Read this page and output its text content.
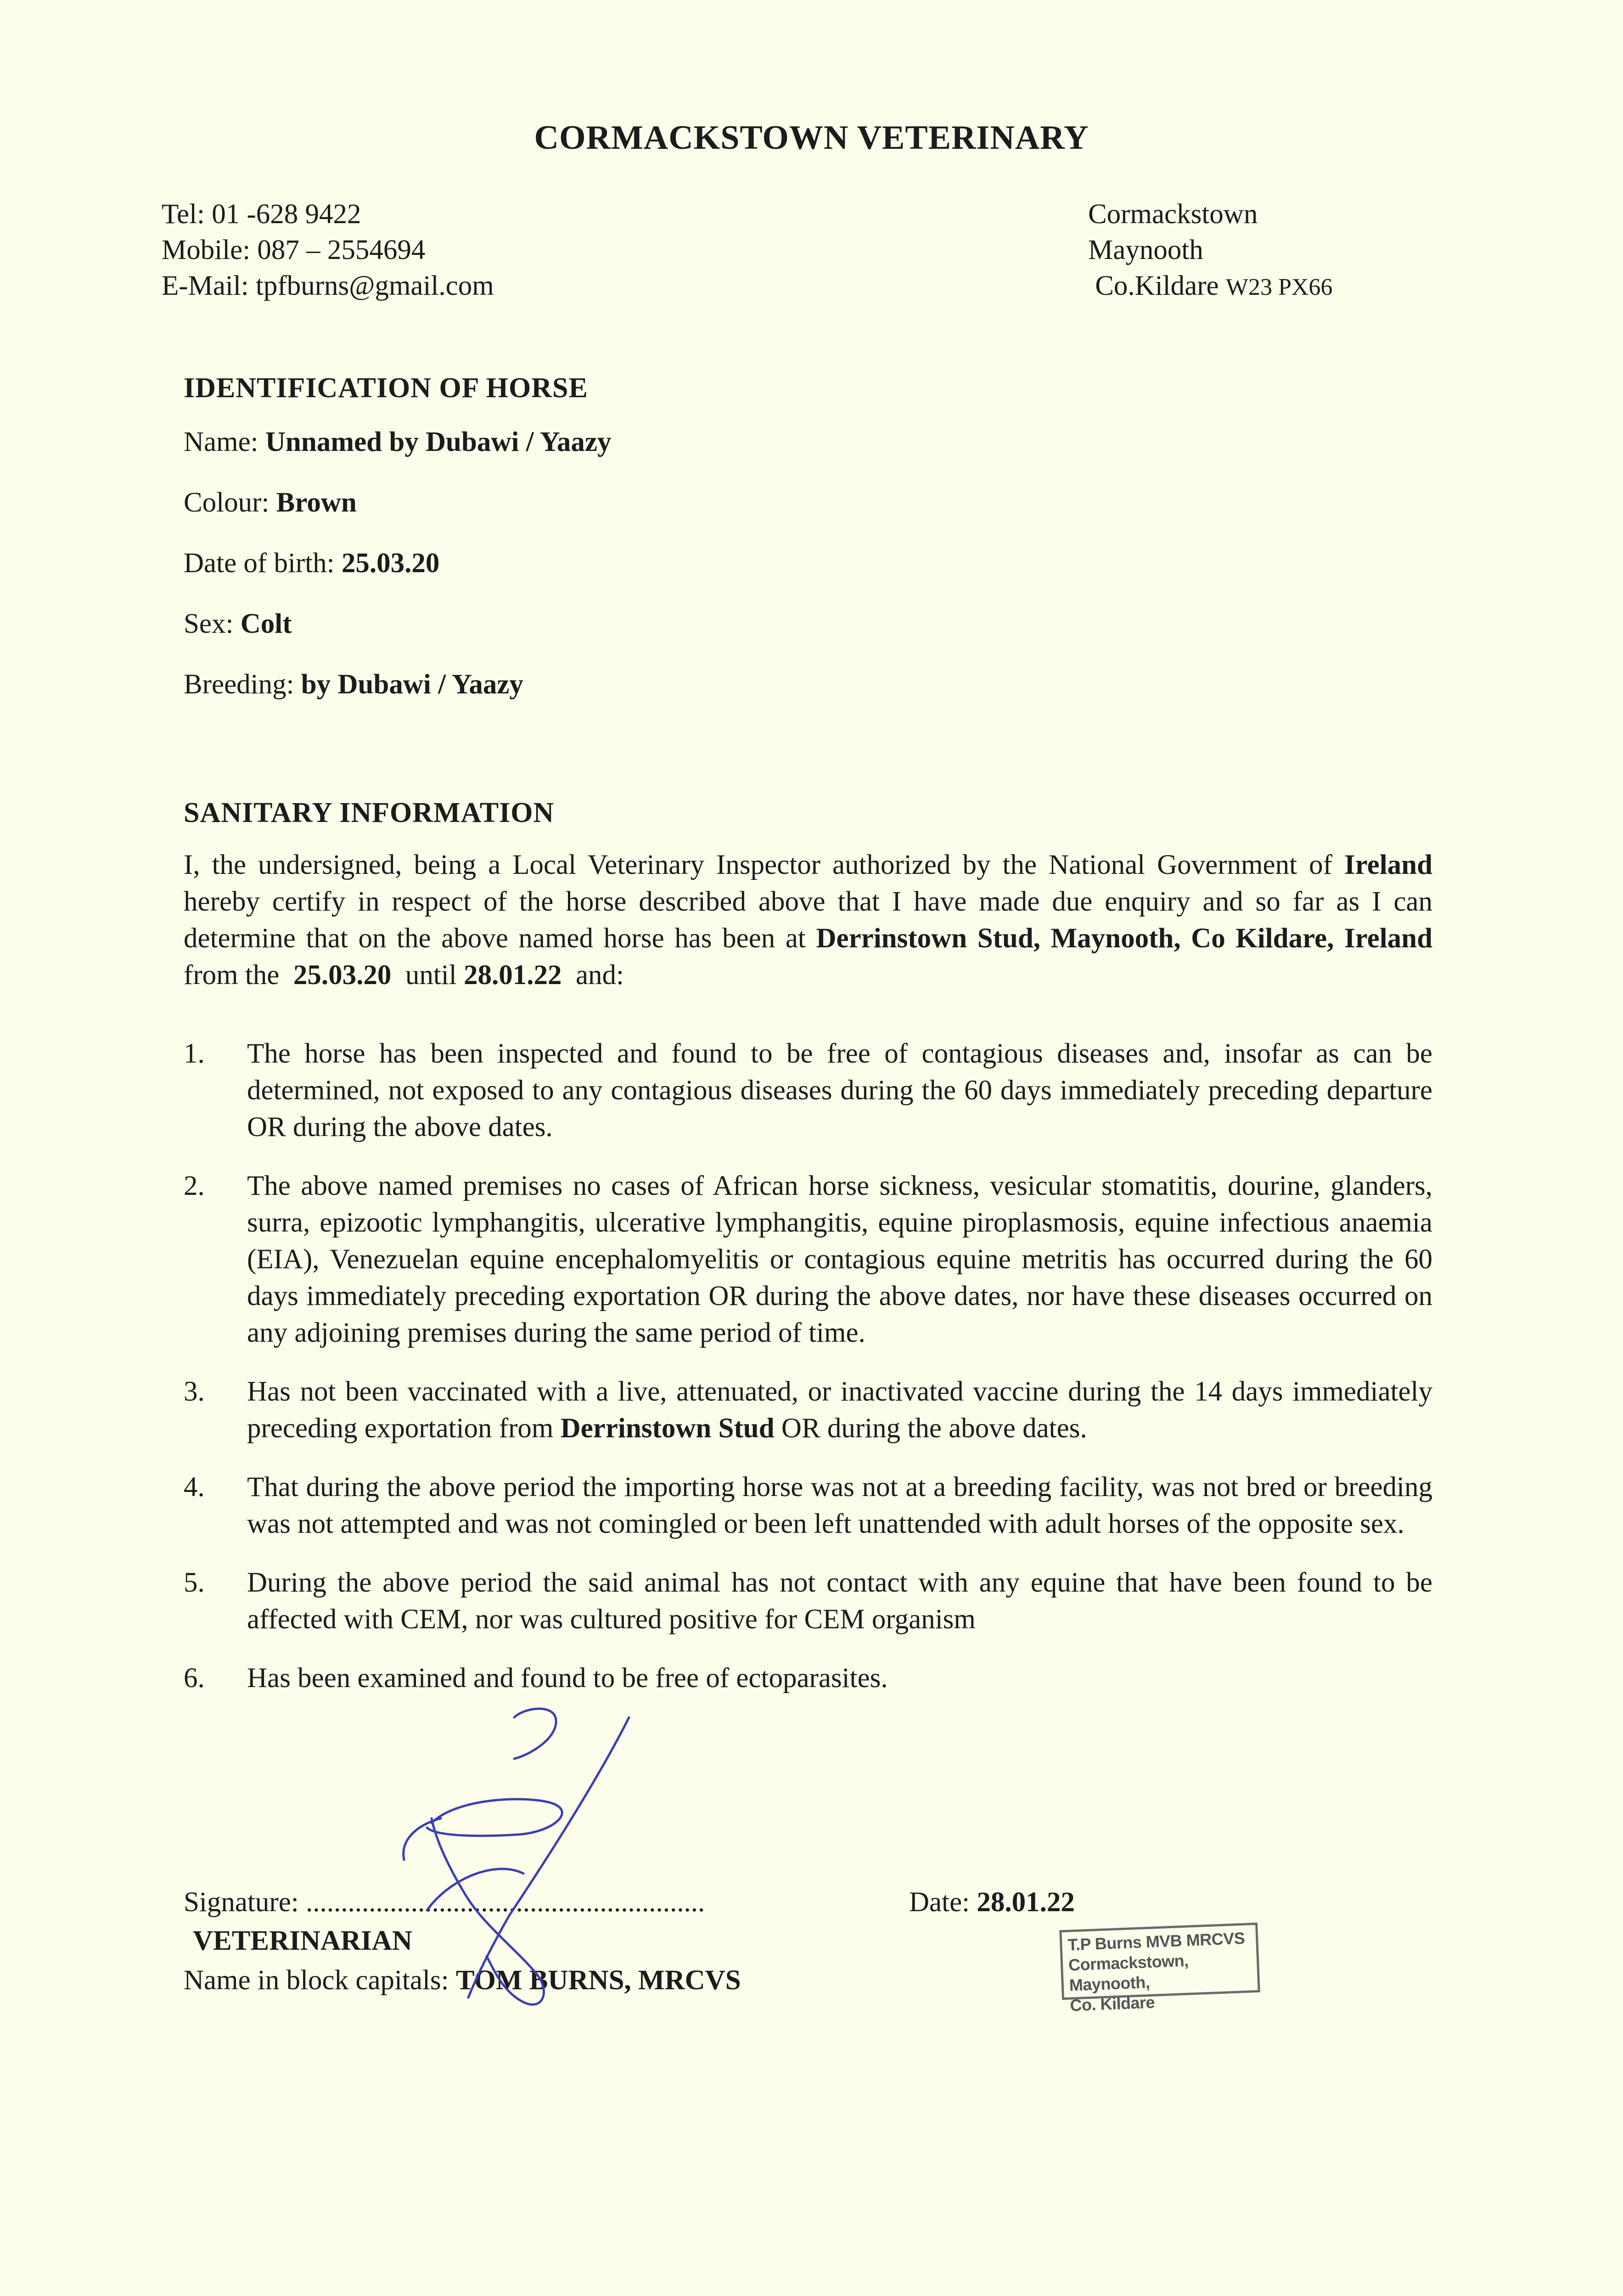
CORMACKSTOWN VETERINARY
Tel: 01 -628 9422
Mobile: 087 – 2554694
E-Mail: tpfburns@gmail.com
Cormackstown
Maynooth
Co.Kildare W23 PX66
IDENTIFICATION OF HORSE
Name: Unnamed by Dubawi / Yaazy
Colour: Brown
Date of birth: 25.03.20
Sex: Colt
Breeding: by Dubawi / Yaazy
SANITARY INFORMATION
I, the undersigned, being a Local Veterinary Inspector authorized by the National Government of Ireland hereby certify in respect of the horse described above that I have made due enquiry and so far as I can determine that on the above named horse has been at Derrinstown Stud, Maynooth, Co Kildare, Ireland from the 25.03.20 until 28.01.22 and:
1. The horse has been inspected and found to be free of contagious diseases and, insofar as can be determined, not exposed to any contagious diseases during the 60 days immediately preceding departure OR during the above dates.
2. The above named premises no cases of African horse sickness, vesicular stomatitis, dourine, glanders, surra, epizootic lymphangitis, ulcerative lymphangitis, equine piroplasmosis, equine infectious anaemia (EIA), Venezuelan equine encephalomyelitis or contagious equine metritis has occurred during the 60 days immediately preceding exportation OR during the above dates, nor have these diseases occurred on any adjoining premises during the same period of time.
3. Has not been vaccinated with a live, attenuated, or inactivated vaccine during the 14 days immediately preceding exportation from Derrinstown Stud OR during the above dates.
4. That during the above period the importing horse was not at a breeding facility, was not bred or breeding was not attempted and was not comingled or been left unattended with adult horses of the opposite sex.
5. During the above period the said animal has not contact with any equine that have been found to be affected with CEM, nor was cultured positive for CEM organism
6. Has been examined and found to be free of ectoparasites.
Signature: .........................................................
VETERINARIAN
Name in block capitals: TOM BURNS, MRCVS
Date: 28.01.22
T.P Burns MVB MRCVS
Cormackstown, Maynooth,
Co. Kildare
